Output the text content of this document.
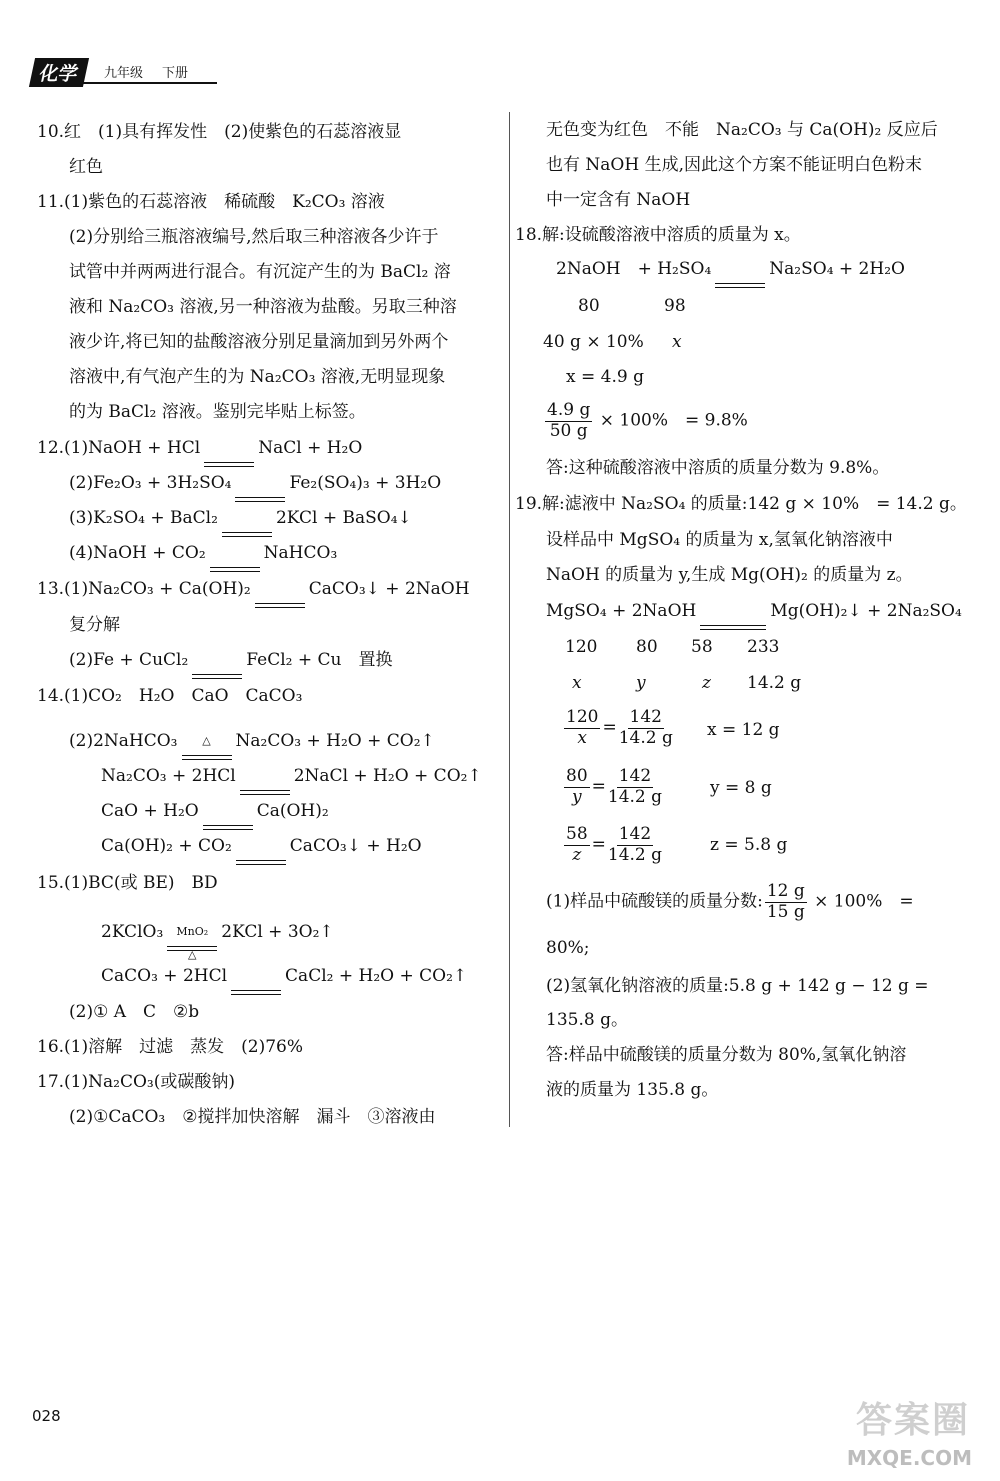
化学	九年级 下册
10.红　(1)具有挥发性　(2)使紫色的石蕊溶液显
红色
11.(1)紫色的石蕊溶液　稀硫酸　K₂CO₃ 溶液
(2)分别给三瓶溶液编号,然后取三种溶液各少许于
试管中并两两进行混合。有沉淀产生的为 BaCl₂ 溶
液和 Na₂CO₃ 溶液,另一种溶液为盐酸。另取三种溶
液少许,将已知的盐酸溶液分别足量滴加到另外两个
溶液中,有气泡产生的为 Na₂CO₃ 溶液,无明显现象
的为 BaCl₂ 溶液。鉴别完毕贴上标签。
12.(1)NaOH + HCl	NaCl + H₂O
(2)Fe₂O₃ + 3H₂SO₄	Fe₂(SO₄)₃ + 3H₂O
(3)K₂SO₄ + BaCl₂	2KCl + BaSO₄↓
(4)NaOH + CO₂	NaHCO₃
13.(1)Na₂CO₃ + Ca(OH)₂	CaCO₃↓ + 2NaOH
复分解
(2)Fe + CuCl₂	FeCl₂ + Cu　置换
14.(1)CO₂　H₂O　CaO　CaCO₃
(2)2NaHCO₃	△	Na₂CO₃ + H₂O + CO₂↑
Na₂CO₃ + 2HCl	2NaCl + H₂O + CO₂↑
CaO + H₂O	Ca(OH)₂
Ca(OH)₂ + CO₂	CaCO₃↓ + H₂O
15.(1)BC(或 BE)　BD
2KClO₃	MnO₂
△
2KCl + 3O₂↑
CaCO₃ + 2HCl	CaCl₂ + H₂O + CO₂↑
(2)① A　C　②b
16.(1)溶解　过滤　蒸发　(2)76%
17.(1)Na₂CO₃(或碳酸钠)
(2)①CaCO₃　②搅拌加快溶解　漏斗　③溶液由
无色变为红色　不能　Na₂CO₃ 与 Ca(OH)₂ 反应后
也有 NaOH 生成,因此这个方案不能证明白色粉末
中一定含有 NaOH
18.解:设硫酸溶液中溶质的质量为 x。
2NaOH　+ H₂SO₄	Na₂SO₄ + 2H₂O
80	98
40 g × 10% x
x = 4.9 g
$\frac{4.9 g}{50 g} \times 100\%$　= 9.8%
答:这种硫酸溶液中溶质的质量分数为 9.8%。
19.解:滤液中 Na₂SO₄ 的质量:142 g × 10%　= 14.2 g。
设样品中 MgSO₄ 的质量为 x,氢氧化钠溶液中
NaOH 的质量为 y,生成 Mg(OH)₂ 的质量为 z。
MgSO₄ + 2NaOH	Mg(OH)₂↓ + 2Na₂SO₄
120 80 58 233
x	y	z 14.2 g
$\frac{120}{x} = \frac{142}{14.2 g}$ x = 12 g
$\frac{80}{y} = \frac{142}{14.2 g}$	y = 8 g
$\frac{58}{z} = \frac{142}{14.2 g}$	z = 5.8 g
(1)样品中硫酸镁的质量分数: $\frac{12 g}{15 g} \times 100\%$　=
80%;
(2)氢氧化钠溶液的质量:5.8 g + 142 g − 12 g =
135.8 g。
答:样品中硫酸镁的质量分数为 80%,氢氧化钠溶
液的质量为 135.8 g。
028	答案圈
MXQE.COM
